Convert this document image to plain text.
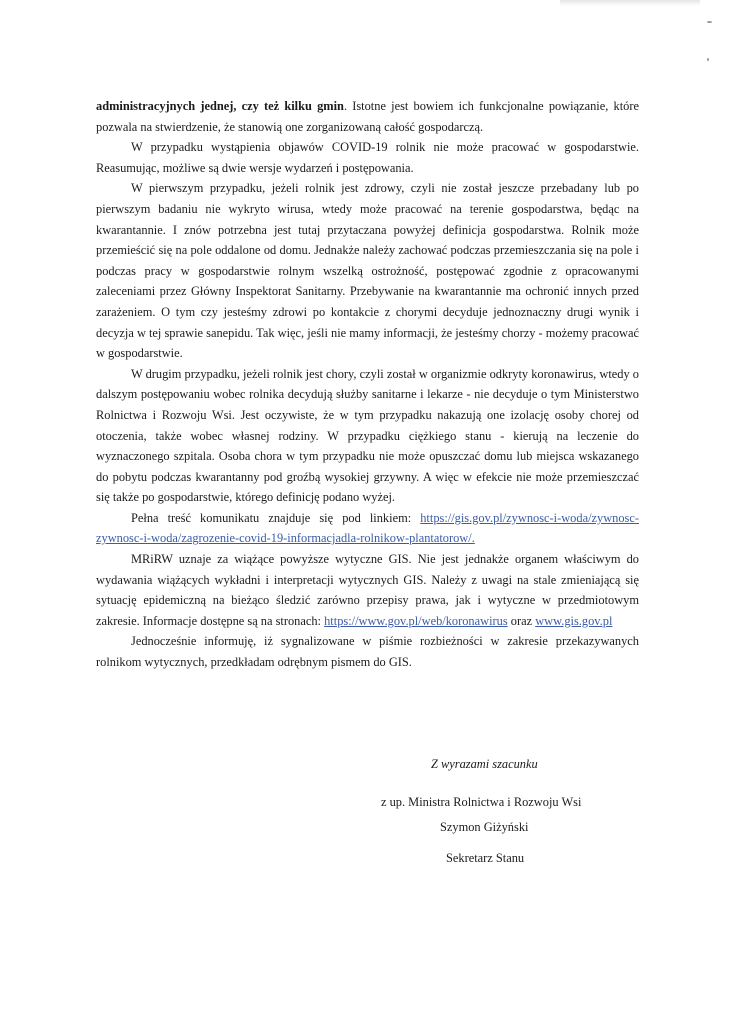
administracyjnych jednej, czy też kilku gmin. Istotne jest bowiem ich funkcjonalne powiązanie, które pozwala na stwierdzenie, że stanowią one zorganizowaną całość gospodarczą.

W przypadku wystąpienia objawów COVID-19 rolnik nie może pracować w gospodarstwie. Reasumując, możliwe są dwie wersje wydarzeń i postępowania.

W pierwszym przypadku, jeżeli rolnik jest zdrowy, czyli nie został jeszcze przebadany lub po pierwszym badaniu nie wykryto wirusa, wtedy może pracować na terenie gospodarstwa, będąc na kwarantannie. I znów potrzebna jest tutaj przytaczana powyżej definicja gospodarstwa. Rolnik może przemieścić się na pole oddalone od domu. Jednakże należy zachować podczas przemieszczania się na pole i podczas pracy w gospodarstwie rolnym wszelką ostrożność, postępować zgodnie z opracowanymi zaleceniami przez Główny Inspektorat Sanitarny. Przebywanie na kwarantannie ma ochronić innych przed zarażeniem. O tym czy jesteśmy zdrowi po kontakcie z chorymi decyduje jednoznaczny drugi wynik i decyzja w tej sprawie sanepidu. Tak więc, jeśli nie mamy informacji, że jesteśmy chorzy - możemy pracować w gospodarstwie.

W drugim przypadku, jeżeli rolnik jest chory, czyli został w organizmie odkryty koronawirus, wtedy o dalszym postępowaniu wobec rolnika decydują służby sanitarne i lekarze - nie decyduje o tym Ministerstwo Rolnictwa i Rozwoju Wsi. Jest oczywiste, że w tym przypadku nakazują one izolację osoby chorej od otoczenia, także wobec własnej rodziny. W przypadku ciężkiego stanu - kierują na leczenie do wyznaczonego szpitala. Osoba chora w tym przypadku nie może opuszczać domu lub miejsca wskazanego do pobytu podczas kwarantanny pod groźbą wysokiej grzywny. A więc w efekcie nie może przemieszczać się także po gospodarstwie, którego definicję podano wyżej.

Pełna treść komunikatu znajduje się pod linkiem: https://gis.gov.pl/zywnosc-i-woda/zywnosc-zywnosc-i-woda/zagrozenie-covid-19-informacjadla-rolnikow-plantatorow/.

MRiRW uznaje za wiążące powyższe wytyczne GIS. Nie jest jednakże organem właściwym do wydawania wiążących wykładni i interpretacji wytycznych GIS. Należy z uwagi na stale zmieniającą się sytuację epidemiczną na bieżąco śledzić zarówno przepisy prawa, jak i wytyczne w przedmiotowym zakresie. Informacje dostępne są na stronach: https://www.gov.pl/web/koronawirus oraz www.gis.gov.pl

Jednocześnie informuję, iż sygnalizowane w piśmie rozbieżności w zakresie przekazywanych rolnikom wytycznych, przedkładam odrębnym pismem do GIS.

Z wyrazami szacunku
z up. Ministra Rolnictwa i Rozwoju Wsi
Szymon Giżyński
Sekretarz Stanu
